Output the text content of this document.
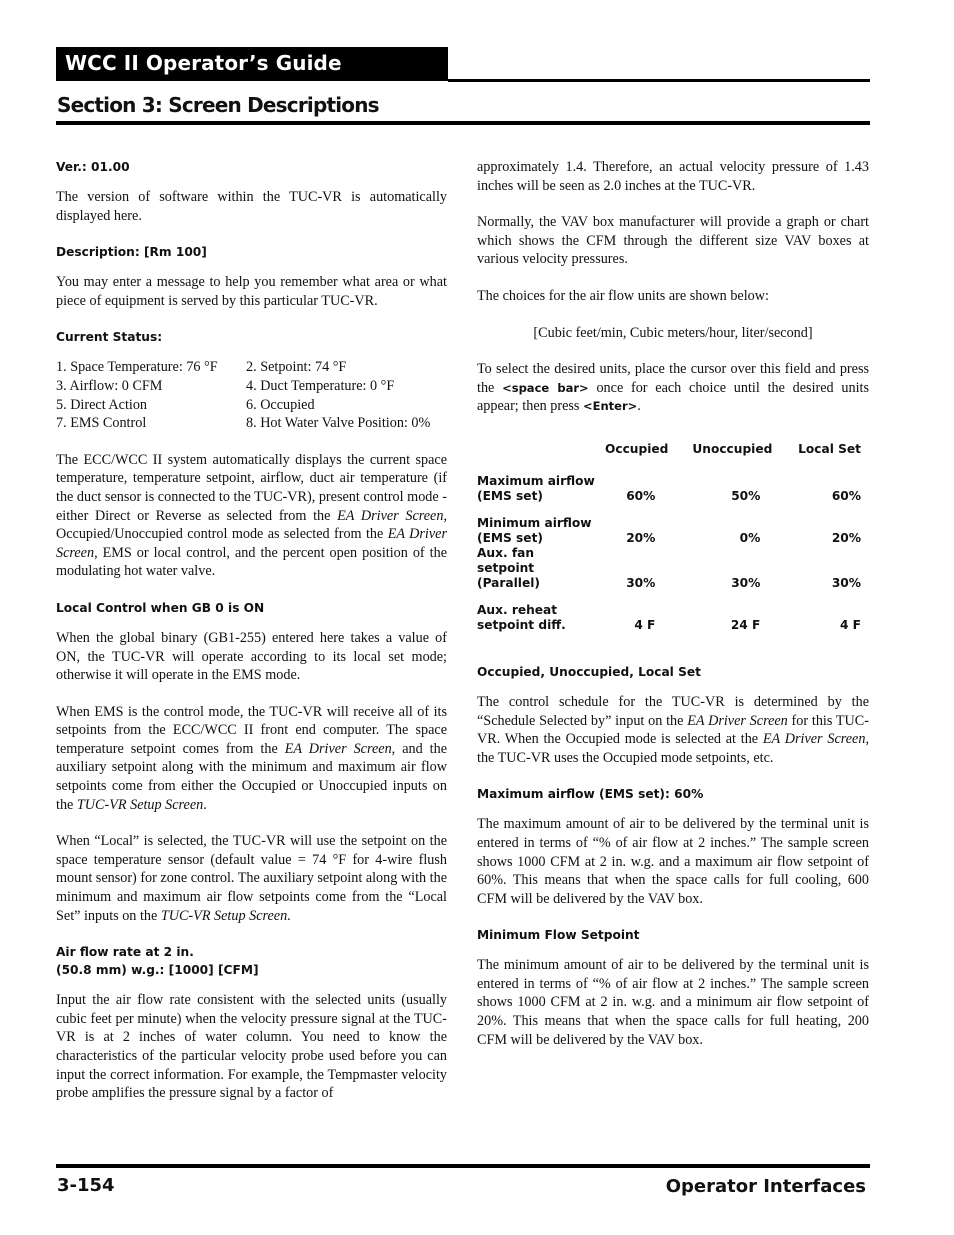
WCC II Operator’s Guide
Section 3: Screen Descriptions
Ver.: 01.00

The version of software within the TUC-VR is automatically displayed here.

Description: [Rm 100]

You may enter a message to help you remember what area or what piece of equipment is served by this particular TUC-VR.

Current Status:
1. Space Temperature: 76 °F	2. Setpoint: 74 °F
3. Airflow: 0 CFM	4. Duct Temperature: 0 °F
5. Direct Action	6. Occupied
7. EMS Control	8. Hot Water Valve Position: 0%

The ECC/WCC II system automatically displays the current space temperature, temperature setpoint, airflow, duct air temperature (if the duct sensor is connected to the TUC-VR), present control mode - either Direct or Reverse as selected from the EA Driver Screen, Occupied/Unoccupied control mode as selected from the EA Driver Screen, EMS or local control, and the percent open position of the modulating hot water valve.

Local Control when GB 0 is ON

When the global binary (GB1-255) entered here takes a value of ON, the TUC-VR will operate according to its local set mode; otherwise it will operate in the EMS mode.

When EMS is the control mode, the TUC-VR will receive all of its setpoints from the ECC/WCC II front end computer. The space temperature setpoint comes from the EA Driver Screen, and the auxiliary setpoint along with the minimum and maximum air flow setpoints come from either the Occupied or Unoccupied inputs on the TUC-VR Setup Screen.

When “Local” is selected, the TUC-VR will use the setpoint on the space temperature sensor (default value = 74 °F for 4-wire flush mount sensor) for zone control. The auxiliary setpoint along with the minimum and maximum air flow setpoints come from the “Local Set” inputs on the TUC-VR Setup Screen.

Air flow rate at 2 in.
(50.8 mm) w.g.: [1000] [CFM]

Input the air flow rate consistent with the selected units (usually cubic feet per minute) when the velocity pressure signal at the TUC-VR is at 2 inches of water column. You need to know the characteristics of the particular velocity probe used before you can input the correct information. For example, the Tempmaster velocity probe amplifies the pressure signal by a factor of

approximately 1.4. Therefore, an actual velocity pressure of 1.43 inches will be seen as 2.0 inches at the TUC-VR.

Normally, the VAV box manufacturer will provide a graph or chart which shows the CFM through the different size VAV boxes at various velocity pressures.

The choices for the air flow units are shown below:

[Cubic feet/min, Cubic meters/hour, liter/second]

To select the desired units, place the cursor over this field and press the <space bar> once for each choice until the desired units appear; then press <Enter>.

	Occupied	Unoccupied	Local Set
Maximum airflow
(EMS set)	60%	50%	60%
Minimum airflow
(EMS set)	20%	0%	20%
Aux. fan setpoint
(Parallel)	30%	30%	30%
Aux. reheat
setpoint diff.	4 F	24 F	4 F
Occupied, Unoccupied, Local Set

The control schedule for the TUC-VR is determined by the “Schedule Selected by” input on the EA Driver Screen for this TUC-VR. When the Occupied mode is selected at the EA Driver Screen, the TUC-VR uses the Occupied mode setpoints, etc.

Maximum airflow (EMS set): 60%

The maximum amount of air to be delivered by the terminal unit is entered in terms of “% of air flow at 2 inches.” The sample screen shows 1000 CFM at 2 in. w.g. and a maximum air flow setpoint of 60%. This means that when the space calls for full cooling, 600 CFM will be delivered by the VAV box.

Minimum Flow Setpoint

The minimum amount of air to be delivered by the terminal unit is entered in terms of “% of air flow at 2 inches.” The sample screen shows 1000 CFM at 2 in. w.g. and a minimum air flow setpoint of 20%. This means that when the space calls for full heating, 200 CFM will be delivered by the VAV box.

3-154	Operator Interfaces
